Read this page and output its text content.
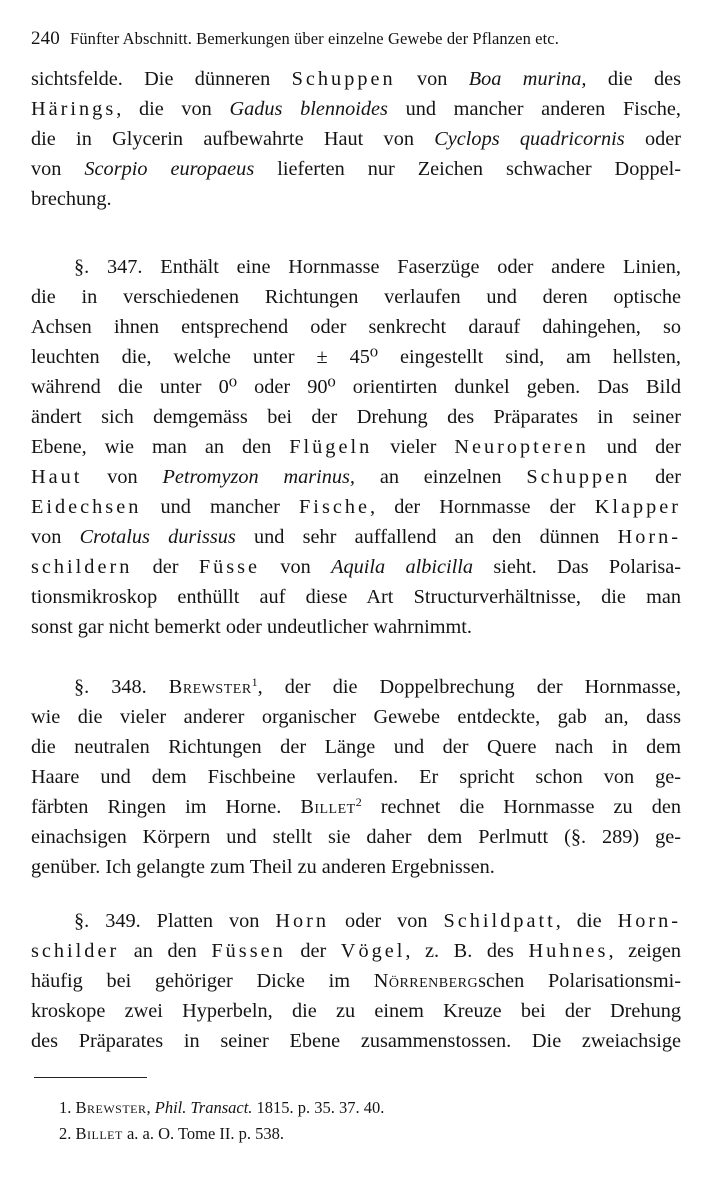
240 Fünfter Abschnitt. Bemerkungen über einzelne Gewebe der Pflanzen etc.
sichtsfelde. Die dünneren Schuppen von Boa murina, die des
Härings, die von Gadus blennoides und mancher anderen Fische,
die in Glycerin aufbewahrte Haut von Cyclops quadricornis oder
von Scorpio europaeus lieferten nur Zeichen schwacher Doppel-
brechung.
§. 347. Enthält eine Hornmasse Faserzüge oder andere Linien,
die in verschiedenen Richtungen verlaufen und deren optische
Achsen ihnen entsprechend oder senkrecht darauf dahingehen, so
leuchten die, welche unter ± 45⁰ eingestellt sind, am hellsten,
während die unter 0⁰ oder 90⁰ orientirten dunkel geben. Das Bild
ändert sich demgemäss bei der Drehung des Präparates in seiner
Ebene, wie man an den Flügeln vieler Neuropteren und der
Haut von Petromyzon marinus, an einzelnen Schuppen der
Eidechsen und mancher Fische, der Hornmasse der Klapper
von Crotalus durissus und sehr auffallend an den dünnen Horn-
schildern der Füsse von Aquila albicilla sieht. Das Polarisa-
tionsmikroskop enthüllt auf diese Art Structurverhältnisse, die man
sonst gar nicht bemerkt oder undeutlicher wahrnimmt.
§. 348. Brewster$^1$, der die Doppelbrechung der Hornmasse,
wie die vieler anderer organischer Gewebe entdeckte, gab an, dass
die neutralen Richtungen der Länge und der Quere nach in dem
Haare und dem Fischbeine verlaufen. Er spricht schon von ge-
färbten Ringen im Horne. Billet$^2$ rechnet die Hornmasse zu den
einachsigen Körpern und stellt sie daher dem Perlmutt (§. 289) ge-
genüber. Ich gelangte zum Theil zu anderen Ergebnissen.
§. 349. Platten von Horn oder von Schildpatt, die Horn-
schilder an den Füssen der Vögel, z. B. des Huhnes, zeigen
häufig bei gehöriger Dicke im Nörrenbergschen Polarisationsmi-
kroskope zwei Hyperbeln, die zu einem Kreuze bei der Drehung
des Präparates in seiner Ebene zusammenstossen. Die zweiachsige
1. Brewster, Phil. Transact. 1815. p. 35. 37. 40.
2. Billet a. a. O. Tome II. p. 538.
